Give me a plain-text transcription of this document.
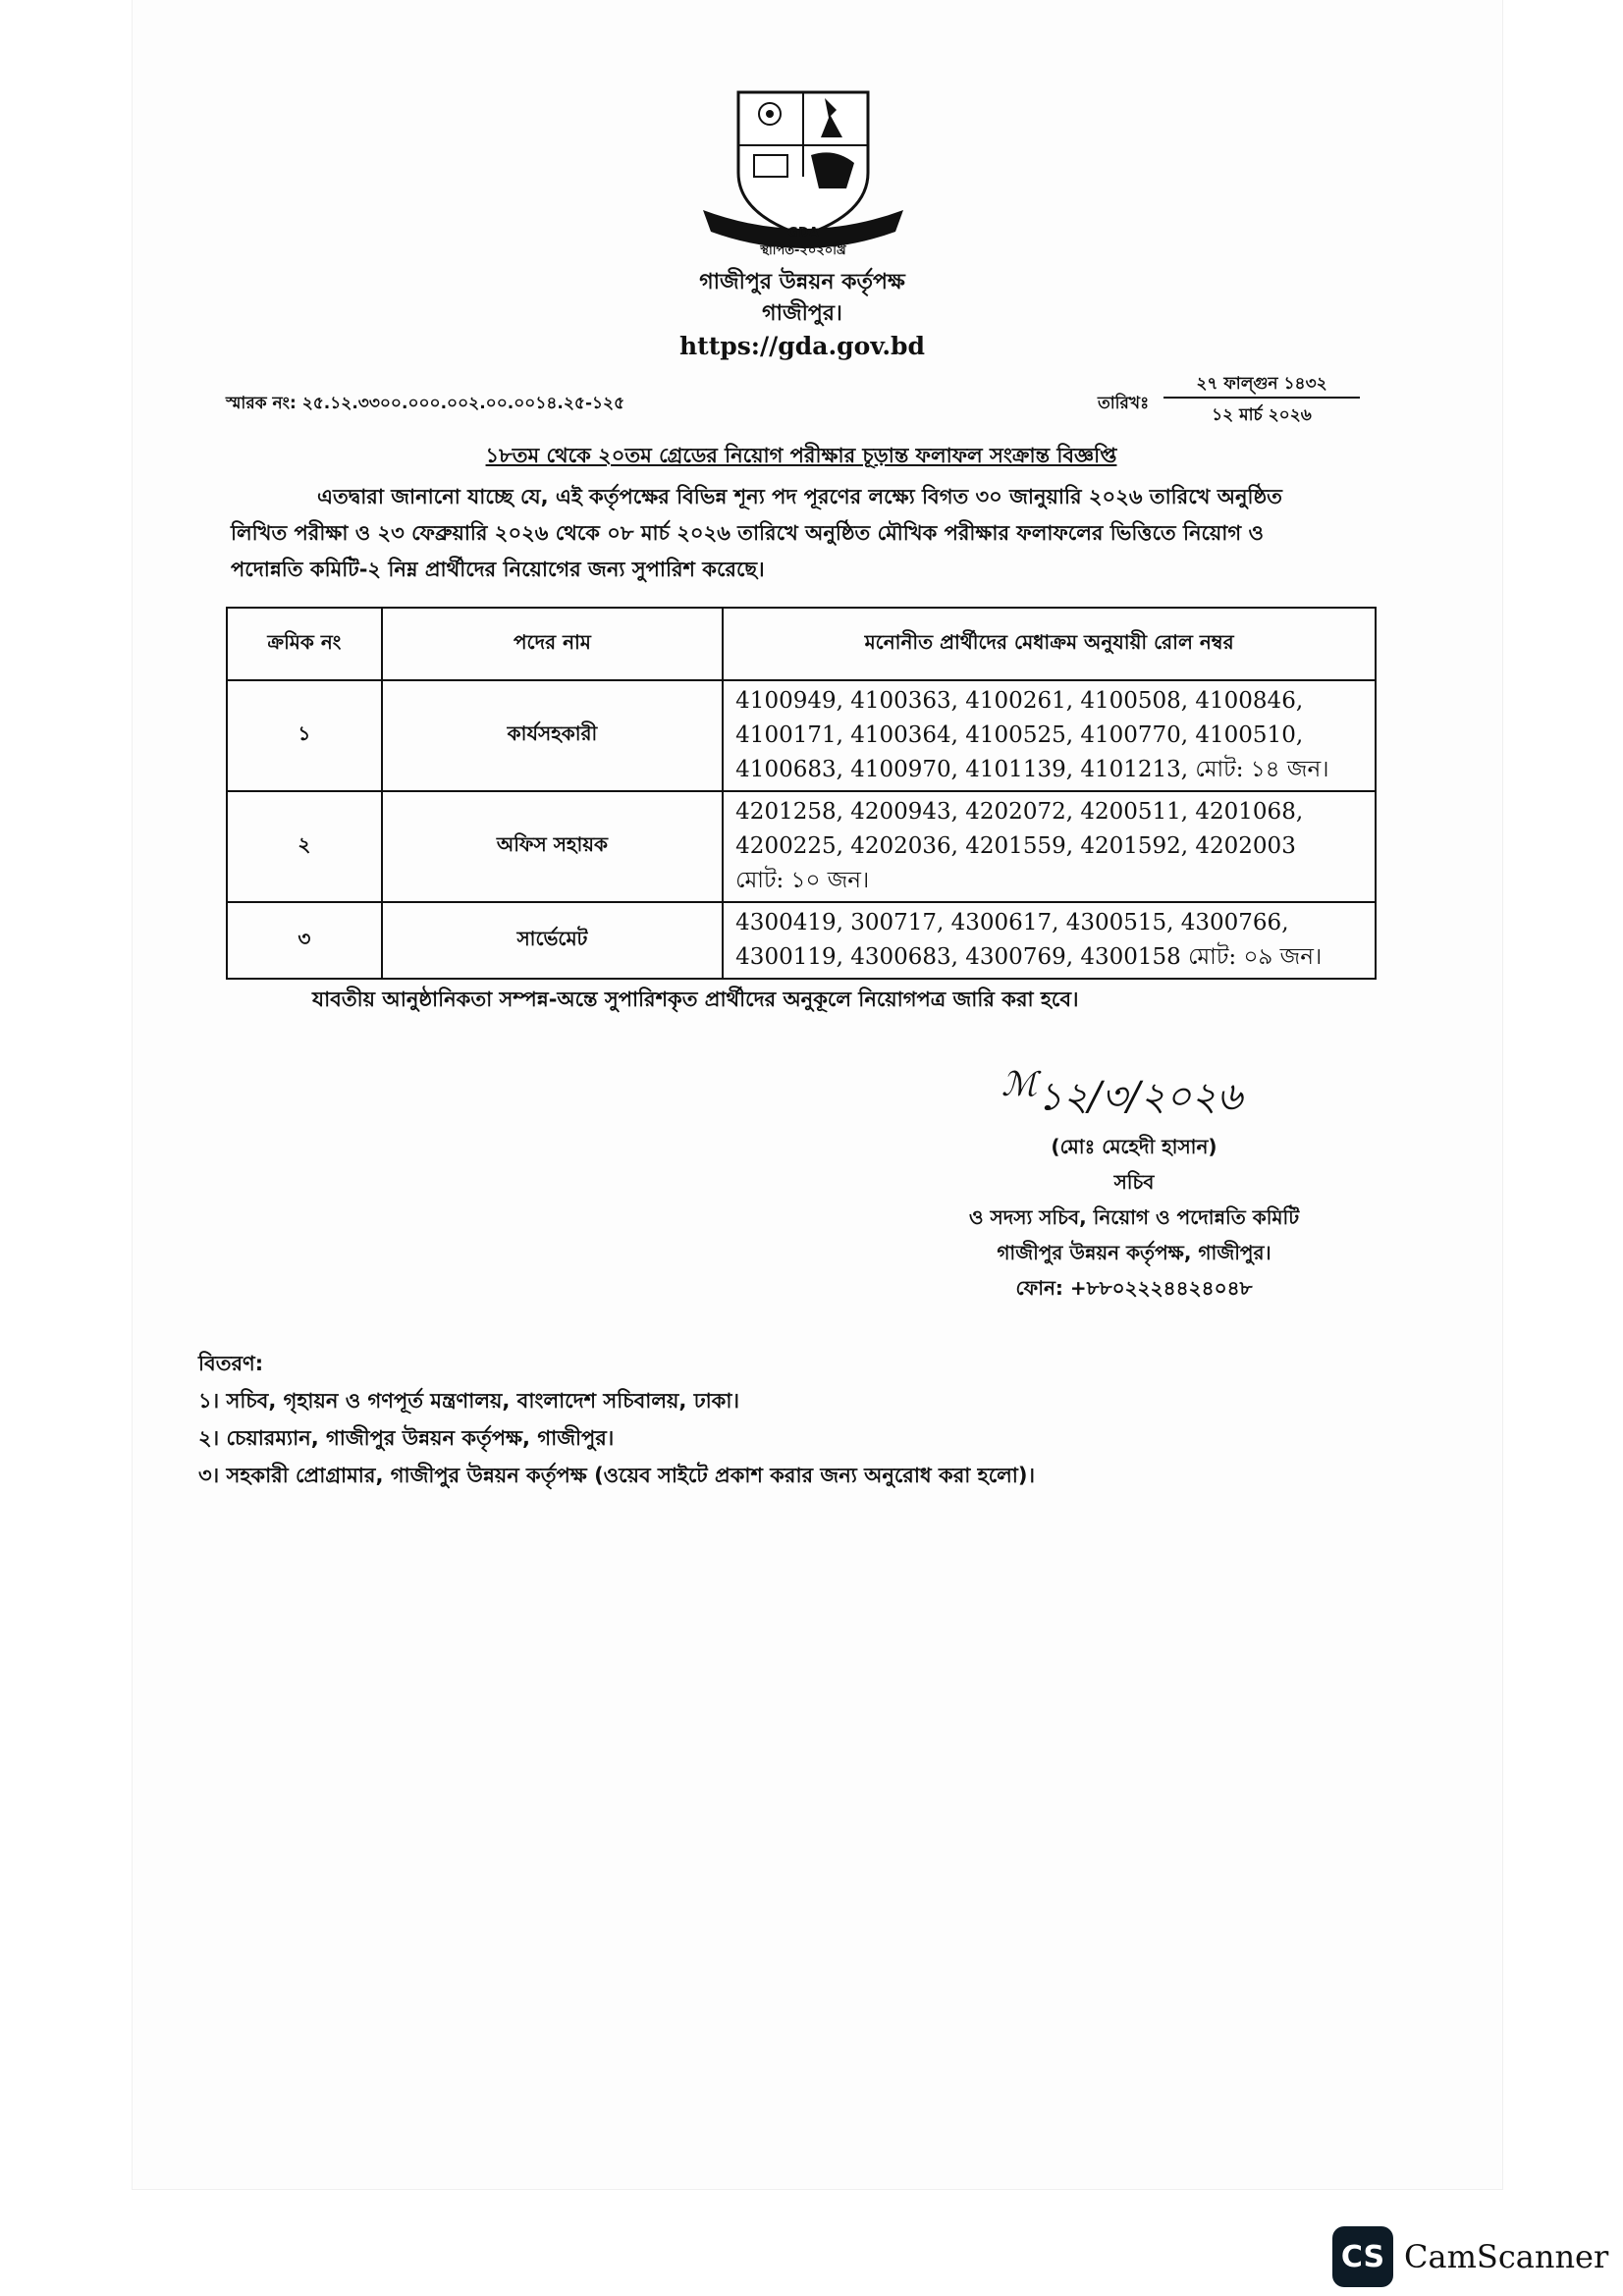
GDA
স্থাপিত-২০২০খ্রি
গাজীপুর উন্নয়ন কর্তৃপক্ষ
গাজীপুর।
https://gda.gov.bd
স্মারক নং: ২৫.১২.৩৩০০.০০০.০০২.০০.০০১৪.২৫-১২৫	তারিখঃ
২৭ ফাল্গুন ১৪৩২
১২ মার্চ ২০২৬
১৮তম থেকে ২০তম গ্রেডের নিয়োগ পরীক্ষার চূড়ান্ত ফলাফল সংক্রান্ত বিজ্ঞপ্তি
এতদ্বারা জানানো যাচ্ছে যে, এই কর্তৃপক্ষের বিভিন্ন শূন্য পদ পূরণের লক্ষ্যে বিগত ৩০ জানুয়ারি ২০২৬ তারিখে অনুষ্ঠিত
লিখিত পরীক্ষা ও ২৩ ফেব্রুয়ারি ২০২৬ থেকে ০৮ মার্চ ২০২৬ তারিখে অনুষ্ঠিত মৌখিক পরীক্ষার ফলাফলের ভিত্তিতে নিয়োগ ও
পদোন্নতি কমিটি-২ নিম্ন প্রার্থীদের নিয়োগের জন্য সুপারিশ করেছে।
ক্রমিক নং	পদের নাম	মনোনীত প্রার্থীদের মেধাক্রম অনুযায়ী রোল নম্বর
১	কার্যসহকারী	4100949, 4100363, 4100261, 4100508, 4100846,
4100171, 4100364, 4100525, 4100770, 4100510,
4100683, 4100970, 4101139, 4101213, মোট: ১৪ জন।

২	অফিস সহায়ক	4201258, 4200943, 4202072, 4200511, 4201068,
4200225, 4202036, 4201559, 4201592, 4202003
মোট: ১০ জন।

৩	সার্ভেমেট	4300419, 300717, 4300617, 4300515, 4300766,
4300119, 4300683, 4300769, 4300158 মোট: ০৯ জন।
যাবতীয় আনুষ্ঠানিকতা সম্পন্ন-অন্তে সুপারিশকৃত প্রার্থীদের অনুকূলে নিয়োগপত্র জারি করা হবে।
$^ℳ$১২/৩/২০২৬
(মোঃ মেহেদী হাসান)
সচিব
ও সদস্য সচিব, নিয়োগ ও পদোন্নতি কমিটি
গাজীপুর উন্নয়ন কর্তৃপক্ষ, গাজীপুর।
ফোন: +৮৮০২২২৪৪২৪০৪৮
বিতরণ:
১। সচিব, গৃহায়ন ও গণপূর্ত মন্ত্রণালয়, বাংলাদেশ সচিবালয়, ঢাকা।
২। চেয়ারম্যান, গাজীপুর উন্নয়ন কর্তৃপক্ষ, গাজীপুর।
৩। সহকারী প্রোগ্রামার, গাজীপুর উন্নয়ন কর্তৃপক্ষ (ওয়েব সাইটে প্রকাশ করার জন্য অনুরোধ করা হলো)।
CS CamScanner
